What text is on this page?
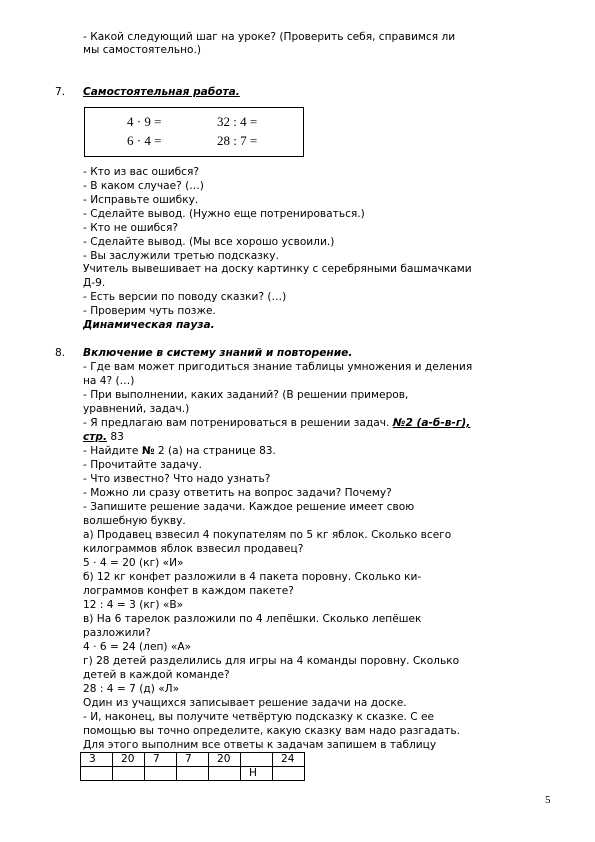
- Какой следующий шаг на уроке? (Проверить себя, справимся ли
мы самостоятельно.)
7. Самостоятельная работа.
4 · 9 =	32 : 4 =
6 · 4 =	28 : 7 =
- Кто из вас ошибся?
- В каком случае? (…)
- Исправьте ошибку.
- Сделайте вывод. (Нужно еще потренироваться.)
- Кто не ошибся?
- Сделайте вывод. (Мы все хорошо усвоили.)
- Вы заслужили третью подсказку.
Учитель вывешивает на доску картинку с серебряными башмачками
Д-9.
- Есть версии по поводу сказки? (…)
- Проверим чуть позже.
Динамическая пауза.
8. Включение в систему знаний и повторение.
- Где вам может пригодиться знание таблицы умножения и деления
на 4? (…)
- При выполнении, каких заданий? (В решении примеров,
уравнений, задач.)
- Я предлагаю вам потренироваться в решении задач. №2 (а-б-в-г),
стр. 83
- Найдите № 2 (а) на странице 83.
- Прочитайте задачу.
- Что известно? Что надо узнать?
- Можно ли сразу ответить на вопрос задачи? Почему?
- Запишите решение задачи. Каждое решение имеет свою
волшебную букву.
а) Продавец взвесил 4 покупателям по 5 кг яблок. Сколько всего
килограммов яблок взвесил продавец?
5 · 4 = 20 (кг) «И»
б) 12 кг конфет разложили в 4 пакета поровну. Сколько ки-
лограммов конфет в каждом пакете?
12 : 4 = 3 (кг) «В»
в) На 6 тарелок разложили по 4 лепёшки. Сколько лепёшек
разложили?
4 · 6 = 24 (леп) «А»
г) 28 детей разделились для игры на 4 команды поровну. Сколько
детей в каждой команде?
28 : 4 = 7 (д) «Л»
Один из учащихся записывает решение задачи на доске.
- И, наконец, вы получите четвёртую подсказку к сказке. С ее
помощью вы точно определите, какую сказку вам надо разгадать.
Для этого выполним все ответы к задачам запишем в таблицу
3	20	7	7	20		24
					Н	
5
